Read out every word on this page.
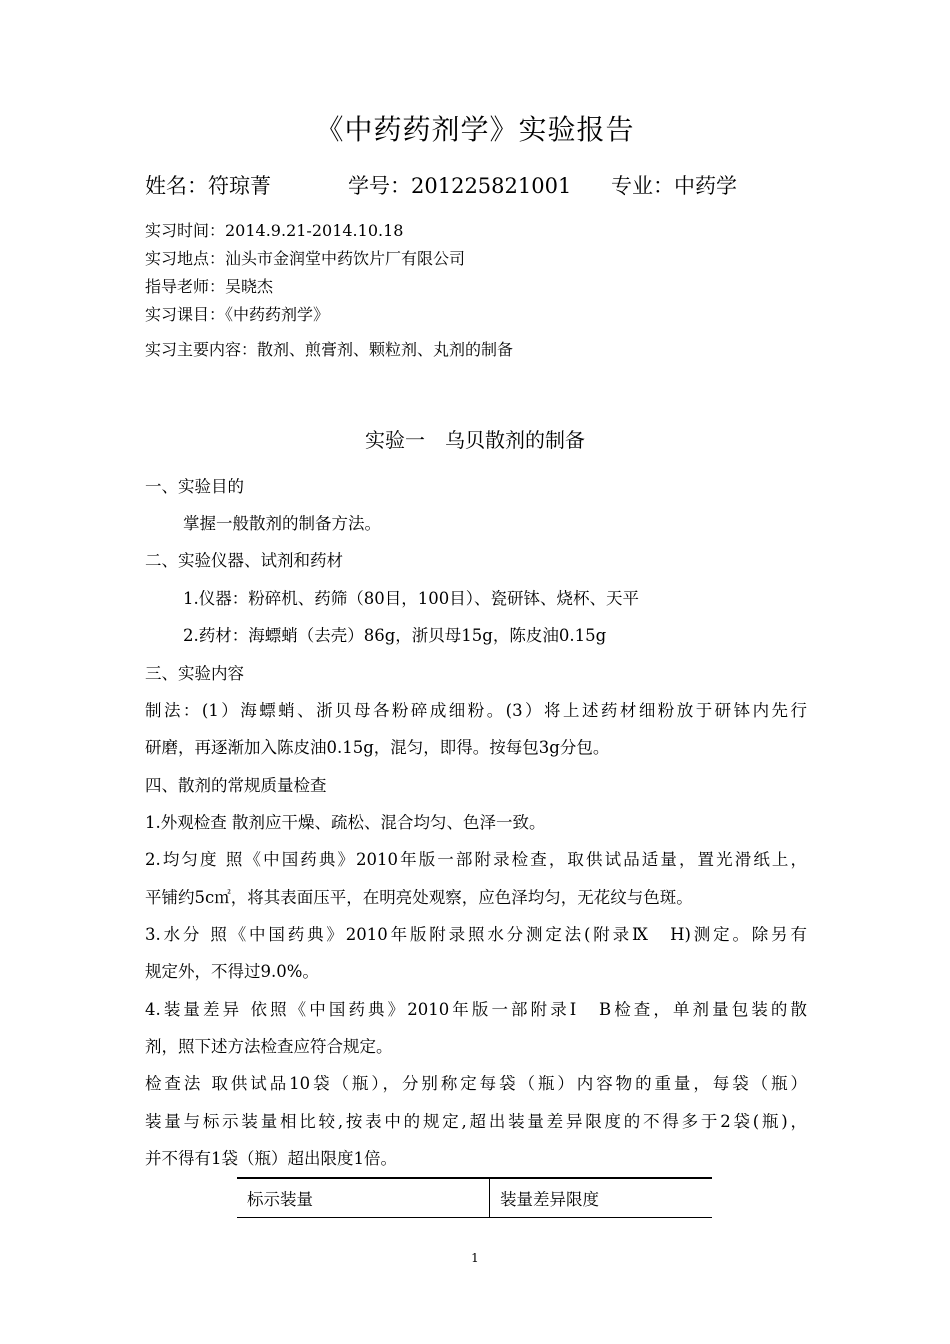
《中药药剂学》实验报告
姓名：符琼菁	学号：201225821001 专业：中药学
实习时间：2014.9.21-2014.10.18
实习地点：汕头市金润堂中药饮片厂有限公司
指导老师：吴晓杰
实习课目：《中药药剂学》
实习主要内容：散剂、煎膏剂、颗粒剂、丸剂的制备
实验一　乌贝散剂的制备
一、实验目的
掌握一般散剂的制备方法。
二、实验仪器、试剂和药材
1.仪器：粉碎机、药筛（80目，100目）、瓷研钵、烧杯、天平
2.药材：海螵蛸（去壳）86g，浙贝母15g，陈皮油0.15g
三、实验内容
制法：(1）海螵蛸、浙贝母各粉碎成细粉。(3）将上述药材细粉放于研钵内先行
研磨，再逐渐加入陈皮油0.15g，混匀，即得。按每包3g分包。
四、散剂的常规质量检查
1.外观检查 散剂应干燥、疏松、混合均匀、色泽一致。
2.均匀度 照《中国药典》2010年版一部附录检查，取供试品适量，置光滑纸上，
平铺约5c㎡，将其表面压平，在明亮处观察，应色泽均匀，无花纹与色斑。
3.水分 照《中国药典》2010年版附录照水分测定法(附录Ⅸ　H)测定。除另有
规定外，不得过9.0%。
4.装量差异 依照《中国药典》2010年版一部附录Ⅰ　B检查，单剂量包装的散
剂，照下述方法检查应符合规定。
检查法 取供试品10袋（瓶），分别称定每袋（瓶）内容物的重量，每袋（瓶）
装量与标示装量相比较,按表中的规定,超出装量差异限度的不得多于2袋(瓶)，
并不得有1袋（瓶）超出限度1倍。
标示装量	装量差异限度
1
